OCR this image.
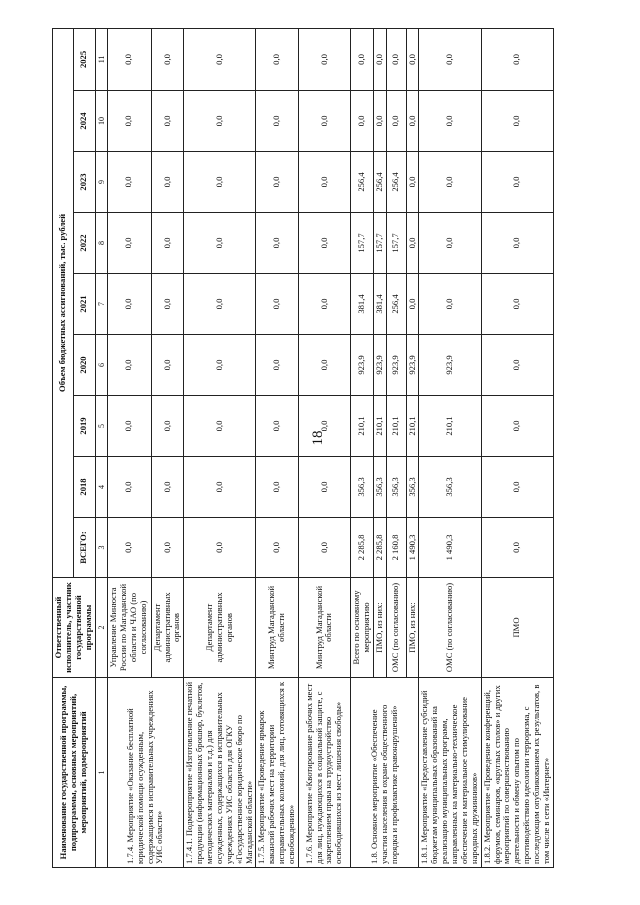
18
Наименование государственной программы, подпрограммы, основных мероприятий, мероприятий, подмероприятий	Ответственный исполнитель, участник государственной программы	Объем бюджетных ассигнований, тыс. рублей								
		ВСЕГО:	2018	2019	2020	2021	2022	2023	2024	2025
1	2	3	4	5	6	7	8	9	10	11
1.7.4. Мероприятие «Оказание бесплатной юридической помощи осужденным, содержащимся в исправительных учреждениях УИС области»	Управление Минюста России по Магаданской области и ЧАО (по согласованию)	0,0	0,0	0,0	0,0	0,0	0,0	0,0	0,0	0,0
	Департамент административных органов	0,0	0,0	0,0	0,0	0,0	0,0	0,0	0,0	0,0
1.7.4.1. Подмероприятие «Изготовление печатной продукции (информационных брошюр, буклетов, методических материалов и т.д.) для осужденных, содержащихся в исправительных учреждениях УИС области для ОГКУ «Государственное юридическое бюро по Магаданской области»	Департамент административных органов	0,0	0,0	0,0	0,0	0,0	0,0	0,0	0,0	0,0
1.7.5. Мероприятие «Проведение ярмарок вакансий рабочих мест на территории исправительных колоний, для лиц, готовящихся к освобождению»	Минтруд Магаданской области	0,0	0,0	0,0	0,0	0,0	0,0	0,0	0,0	0,0
1.7.6. Мероприятие «Квотирование рабочих мест для лиц, нуждающихся в социальной защите, с закреплением права на трудоустройство освободившихся из мест лишения свободы»	Минтруд Магаданской области	0,0	0,0	0,0	0,0	0,0	0,0	0,0	0,0	0,0
1.8. Основное мероприятие «Обеспечение участия населения в охране общественного порядка и профилактике правонарушений»	Всего по основному мероприятию	2 285,8	356,3	210,1	923,9	381,4	157,7	256,4	0,0	0,0
	ПМО, из них:	2 285,8	356,3	210,1	923,9	381,4	157,7	256,4	0,0	0,0
	ОМС (по согласованию)	2 160,8	356,3	210,1	923,9	256,4	157,7	256,4	0,0	0,0
	ПМО, из них:	1 490,3	356,3	210,1	923,9	0,0	0,0	0,0	0,0	0,0
1.8.1. Мероприятие «Предоставление субсидий бюджетам муниципальных образований на реализацию муниципальных программ, направленных на материально-техническое обеспечение и материальное стимулирование народных дружинников»	ОМС (по согласованию)	1 490,3	356,3	210,1	923,9	0,0	0,0	0,0	0,0	0,0
1.8.2. Мероприятие «Проведение конференций, форумов, семинаров, «круглых столов» и других мероприятий по совершенствованию деятельности и обмену опытом по противодействию идеологии терроризма, с последующим опубликованием их результатов, в том числе в сети «Интернет»	ПМО	0,0	0,0	0,0	0,0	0,0	0,0	0,0	0,0	0,0
